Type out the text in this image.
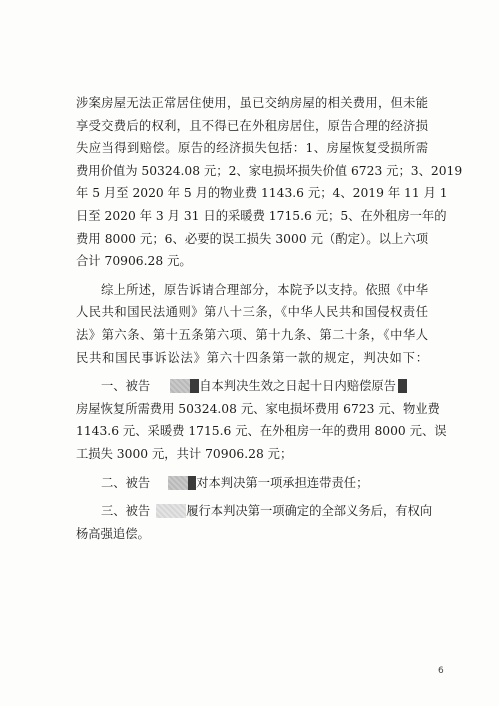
涉案房屋无法正常居住使用，虽已交纳房屋的相关费用，但未能
享受交费后的权利，且不得已在外租房居住，原告合理的经济损
失应当得到赔偿。原告的经济损失包括：1、房屋恢复受损所需
费用价值为 50324.08 元；2、家电损坏损失价值 6723 元；3、2019
年 5 月至 2020 年 5 月的物业费 1143.6 元；4、2019 年 11 月 1
日至 2020 年 3 月 31 日的采暖费 1715.6 元；5、在外租房一年的
费用 8000 元；6、必要的误工损失 3000 元（酌定）。以上六项
合计 70906.28 元。
综上所述，原告诉请合理部分，本院予以支持。依照《中华
人民共和国民法通则》第八十三条，《中华人民共和国侵权责任
法》第六条、第十五条第六项、第十九条、第二十条，《中华人
民共和国民事诉讼法》第六十四条第一款的规定，判决如下：
一、被告	自本判决生效之日起十日内赔偿原告
房屋恢复所需费用 50324.08 元、家电损坏费用 6723 元、物业费
1143.6 元、采暖费 1715.6 元、在外租房一年的费用 8000 元、误
工损失 3000 元，共计 70906.28 元；
二、被告	对本判决第一项承担连带责任；
三、被告	履行本判决第一项确定的全部义务后，有权向
杨高强追偿。
6
